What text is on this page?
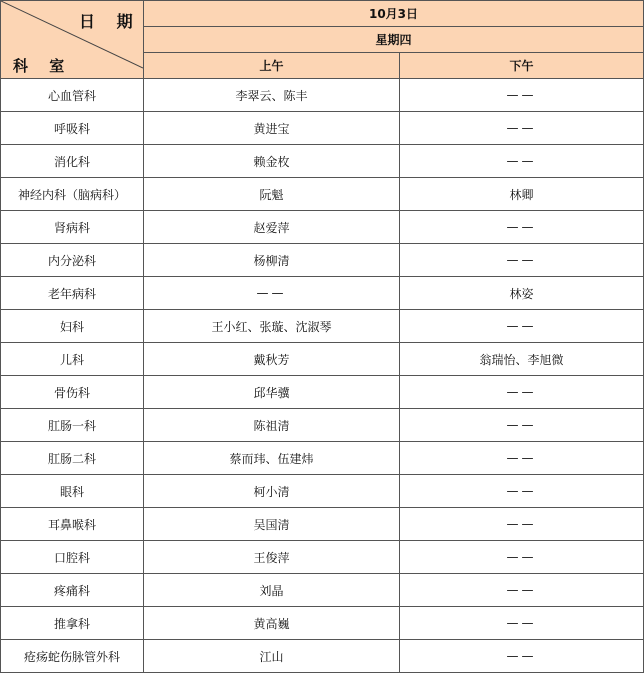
日 期
科 室	10月3日	
	星期四	
	上午	下午
心血管科	李翠云、陈丰	——
呼吸科	黄进宝	——
消化科	赖金枚	——
神经内科（脑病科）	阮魁	林卿
肾病科	赵爱萍	——
内分泌科	杨柳清	——
老年病科	——	林姿
妇科	王小红、张璇、沈淑琴	——
儿科	戴秋芳	翁瑞怡、李旭微
骨伤科	邱华骥	——
肛肠一科	陈祖清	——
肛肠二科	蔡而玮、伍建炜	——
眼科	柯小清	——
耳鼻喉科	吴国清	——
口腔科	王俊萍	——
疼痛科	刘晶	——
推拿科	黄高巍	——
疮疡蛇伤脉管外科	江山	——
